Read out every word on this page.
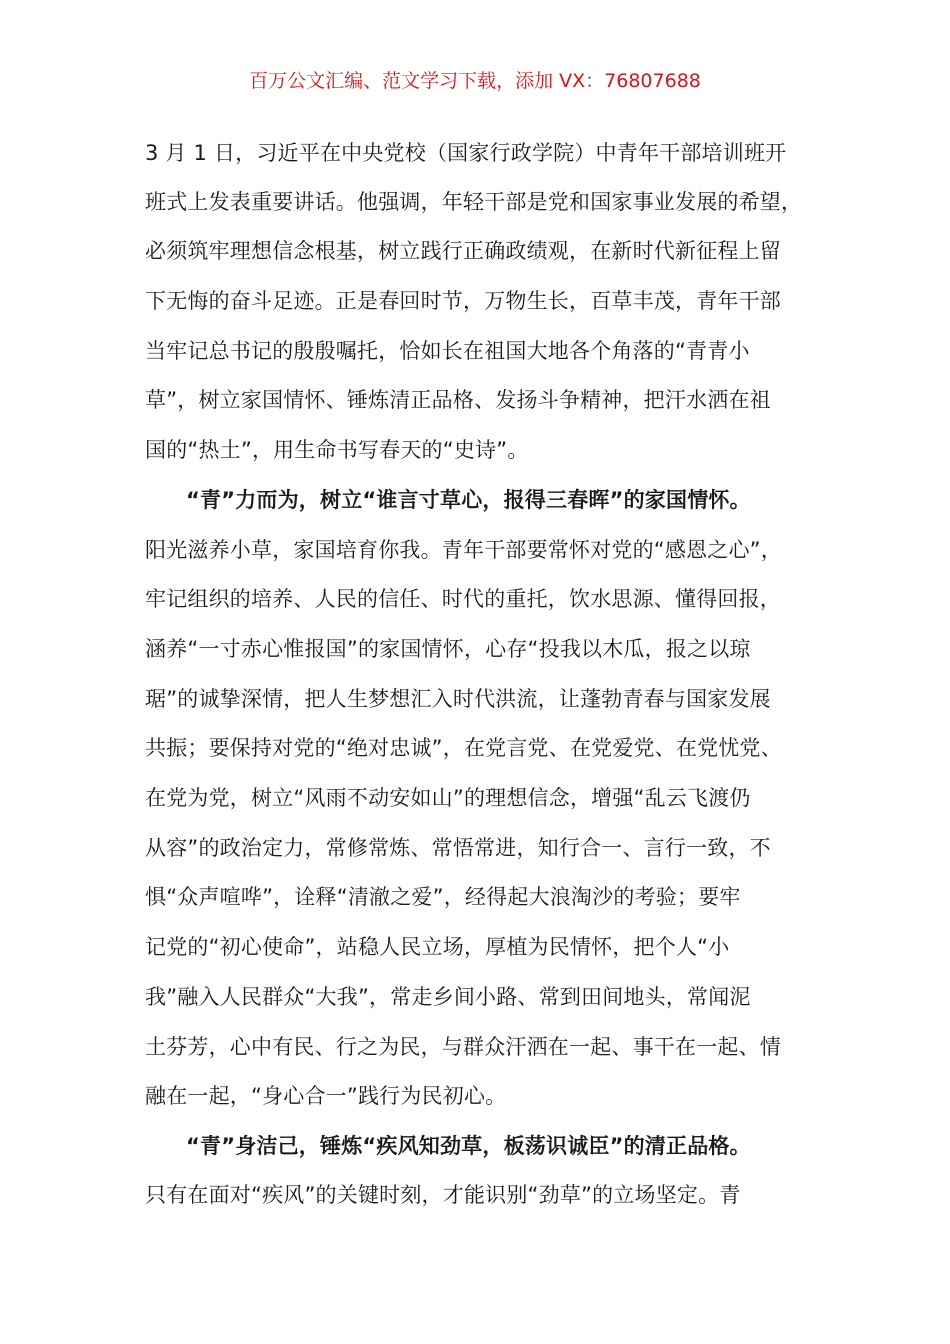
百万公文汇编、范文学习下载，添加 VX：76807688
3 月 1 日，习近平在中央党校（国家行政学院）中青年干部培训班开
班式上发表重要讲话。他强调，年轻干部是党和国家事业发展的希望，
必须筑牢理想信念根基，树立践行正确政绩观，在新时代新征程上留
下无悔的奋斗足迹。正是春回时节，万物生长，百草丰茂，青年干部
当牢记总书记的殷殷嘱托，恰如长在祖国大地各个角落的“青青小
草”，树立家国情怀、锤炼清正品格、发扬斗争精神，把汗水洒在祖
国的“热土”，用生命书写春天的“史诗”。
“青”力而为，树立“谁言寸草心，报得三春晖”的家国情怀。
阳光滋养小草，家国培育你我。青年干部要常怀对党的“感恩之心”，
牢记组织的培养、人民的信任、时代的重托，饮水思源、懂得回报，
涵养“一寸赤心惟报国”的家国情怀，心存“投我以木瓜，报之以琼
琚”的诚挚深情，把人生梦想汇入时代洪流，让蓬勃青春与国家发展
共振；要保持对党的“绝对忠诚”，在党言党、在党爱党、在党忧党、
在党为党，树立“风雨不动安如山”的理想信念，增强“乱云飞渡仍
从容”的政治定力，常修常炼、常悟常进，知行合一、言行一致，不
惧“众声喧哗”，诠释“清澈之爱”，经得起大浪淘沙的考验；要牢
记党的“初心使命”，站稳人民立场，厚植为民情怀，把个人“小
我”融入人民群众“大我”，常走乡间小路、常到田间地头，常闻泥
土芬芳，心中有民、行之为民，与群众汗洒在一起、事干在一起、情
融在一起，“身心合一”践行为民初心。
“青”身洁己，锤炼“疾风知劲草，板荡识诚臣”的清正品格。
只有在面对“疾风”的关键时刻，才能识别“劲草”的立场坚定。青
